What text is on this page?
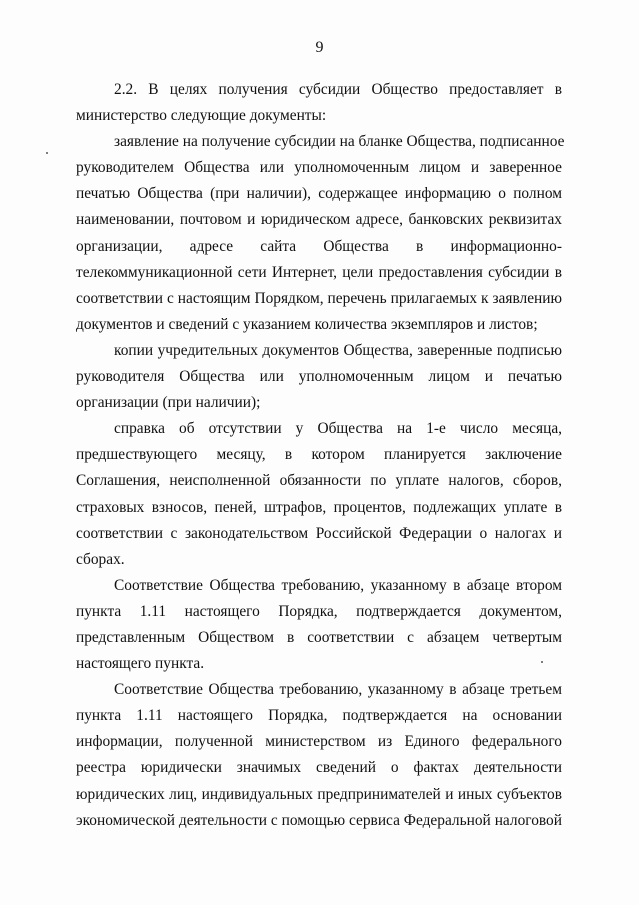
9
2.2. В целях получения субсидии Общество предоставляет в
министерство следующие документы:
заявление на получение субсидии на бланке Общества, подписанное
руководителем Общества или уполномоченным лицом и заверенное
печатью Общества (при наличии), содержащее информацию о полном
наименовании, почтовом и юридическом адресе, банковских реквизитах
организации, адресе сайта Общества в информационно-
телекоммуникационной сети Интернет, цели предоставления субсидии в
соответствии с настоящим Порядком, перечень прилагаемых к заявлению
документов и сведений с указанием количества экземпляров и листов;
копии учредительных документов Общества, заверенные подписью
руководителя Общества или уполномоченным лицом и печатью
организации (при наличии);
справка об отсутствии у Общества на 1-е число месяца,
предшествующего месяцу, в котором планируется заключение
Соглашения, неисполненной обязанности по уплате налогов, сборов,
страховых взносов, пеней, штрафов, процентов, подлежащих уплате в
соответствии с законодательством Российской Федерации о налогах и
сборах.
Соответствие Общества требованию, указанному в абзаце втором
пункта 1.11 настоящего Порядка, подтверждается документом,
представленным Обществом в соответствии с абзацем четвертым
настоящего пункта.
Соответствие Общества требованию, указанному в абзаце третьем
пункта 1.11 настоящего Порядка, подтверждается на основании
информации, полученной министерством из Единого федерального
реестра юридически значимых сведений о фактах деятельности
юридических лиц, индивидуальных предпринимателей и иных субъектов
экономической деятельности с помощью сервиса Федеральной налоговой
